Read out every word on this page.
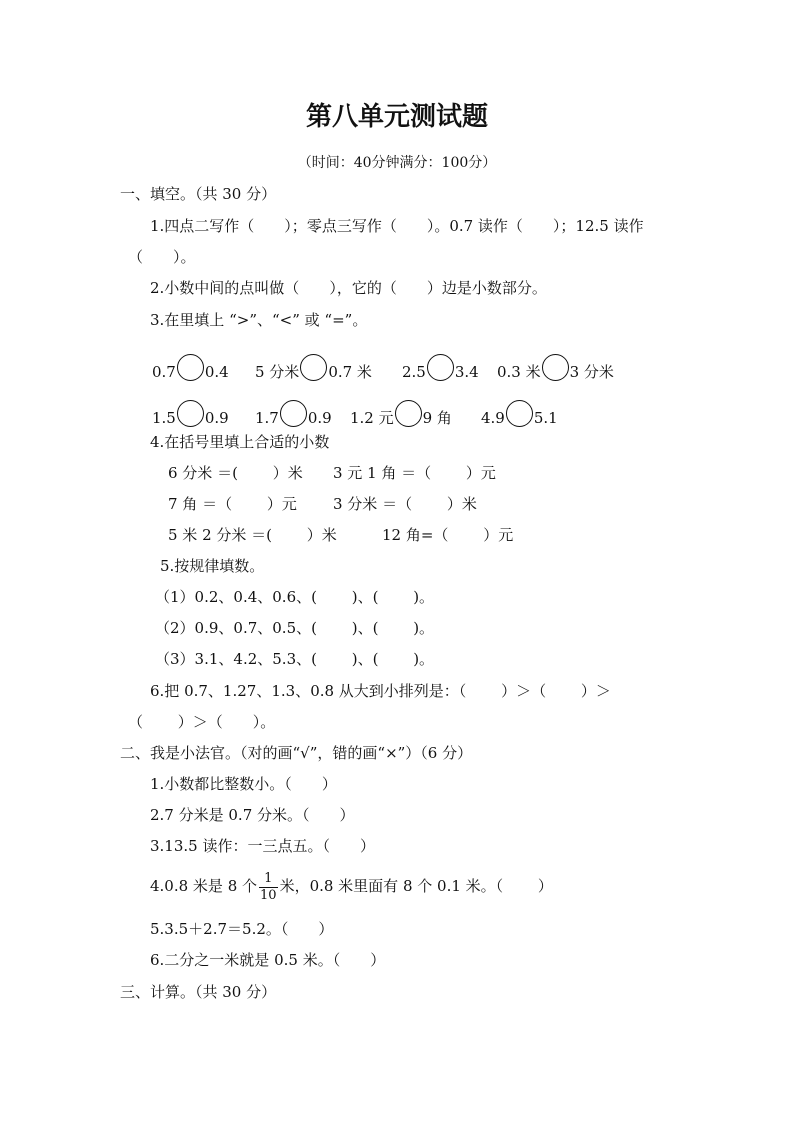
第八单元测试题
（时间：40分钟满分：100分）
一、填空。（共 30 分）
1.四点二写作（　　）；零点三写作（　　）。0.7 读作（　　）；12.5 读作
（　　）。
2.小数中间的点叫做（　　），它的（　　）边是小数部分。
3.在里填上 “>”、“<” 或 “=”。
0.7 0.4 5 分米 0.7 米 2.5 3.4 0.3 米 3 分米
1.5 0.9 1.7 0.9 1.2 元 9 角 4.9 5.1
4.在括号里填上合适的小数
6 分米 ＝(　　 ）米 3 元 1 角 ＝（　　 ）元
7 角 ＝（　　 ）元 3 分米 ＝（　　 ）米
5 米 2 分米 ＝(　　 ）米	12 角=（　　 ）元
5.按规律填数。
（1）0.2、0.4、0.6、(　　 )、(　　 )。
（2）0.9、0.7、0.5、(　　 )、(　　 )。
（3）3.1、4.2、5.3、(　　 )、(　　 )。
6.把 0.7、1.27、1.3、0.8 从大到小排列是：（　　 ）＞（　　 ）＞
（　　 ）＞（　　）。
二、我是小法官。（对的画“√”，错的画“×”）（6 分）
1.小数都比整数小。（　　）
2.7 分米是 0.7 分米。（　　）
3.13.5 读作：一三点五。（　　）
4.0.8 米是 8 个 $\frac{1}{10}$ 米，0.8 米里面有 8 个 0.1 米。（　　 ）
5.3.5＋2.7＝5.2。（　　）
6.二分之一米就是 0.5 米。（　　）
三、计算。（共 30 分）
